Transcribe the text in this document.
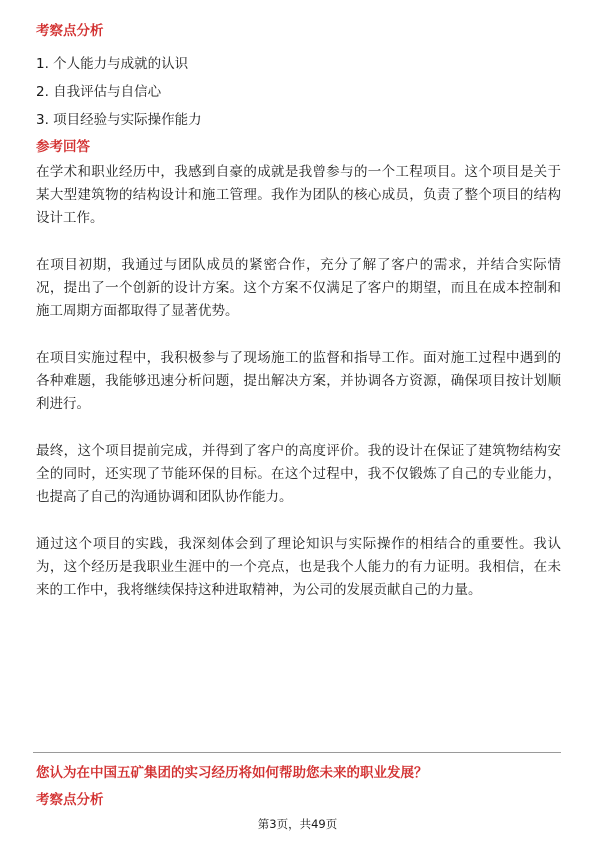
考察点分析
1. 个人能力与成就的认识
2. 自我评估与自信心
3. 项目经验与实际操作能力
参考回答

在学术和职业经历中，我感到自豪的成就是我曾参与的一个工程项目。这个项目是关于某大型建筑物的结构设计和施工管理。我作为团队的核心成员，负责了整个项目的结构设计工作。

在项目初期，我通过与团队成员的紧密合作，充分了解了客户的需求，并结合实际情况，提出了一个创新的设计方案。这个方案不仅满足了客户的期望，而且在成本控制和施工周期方面都取得了显著优势。

在项目实施过程中，我积极参与了现场施工的监督和指导工作。面对施工过程中遇到的各种难题，我能够迅速分析问题，提出解决方案，并协调各方资源，确保项目按计划顺利进行。

最终，这个项目提前完成，并得到了客户的高度评价。我的设计在保证了建筑物结构安全的同时，还实现了节能环保的目标。在这个过程中，我不仅锻炼了自己的专业能力，也提高了自己的沟通协调和团队协作能力。

通过这个项目的实践，我深刻体会到了理论知识与实际操作的相结合的重要性。我认为，这个经历是我职业生涯中的一个亮点，也是我个人能力的有力证明。我相信，在未来的工作中，我将继续保持这种进取精神，为公司的发展贡献自己的力量。

您认为在中国五矿集团的实习经历将如何帮助您未来的职业发展？
考察点分析
第3页，共49页
